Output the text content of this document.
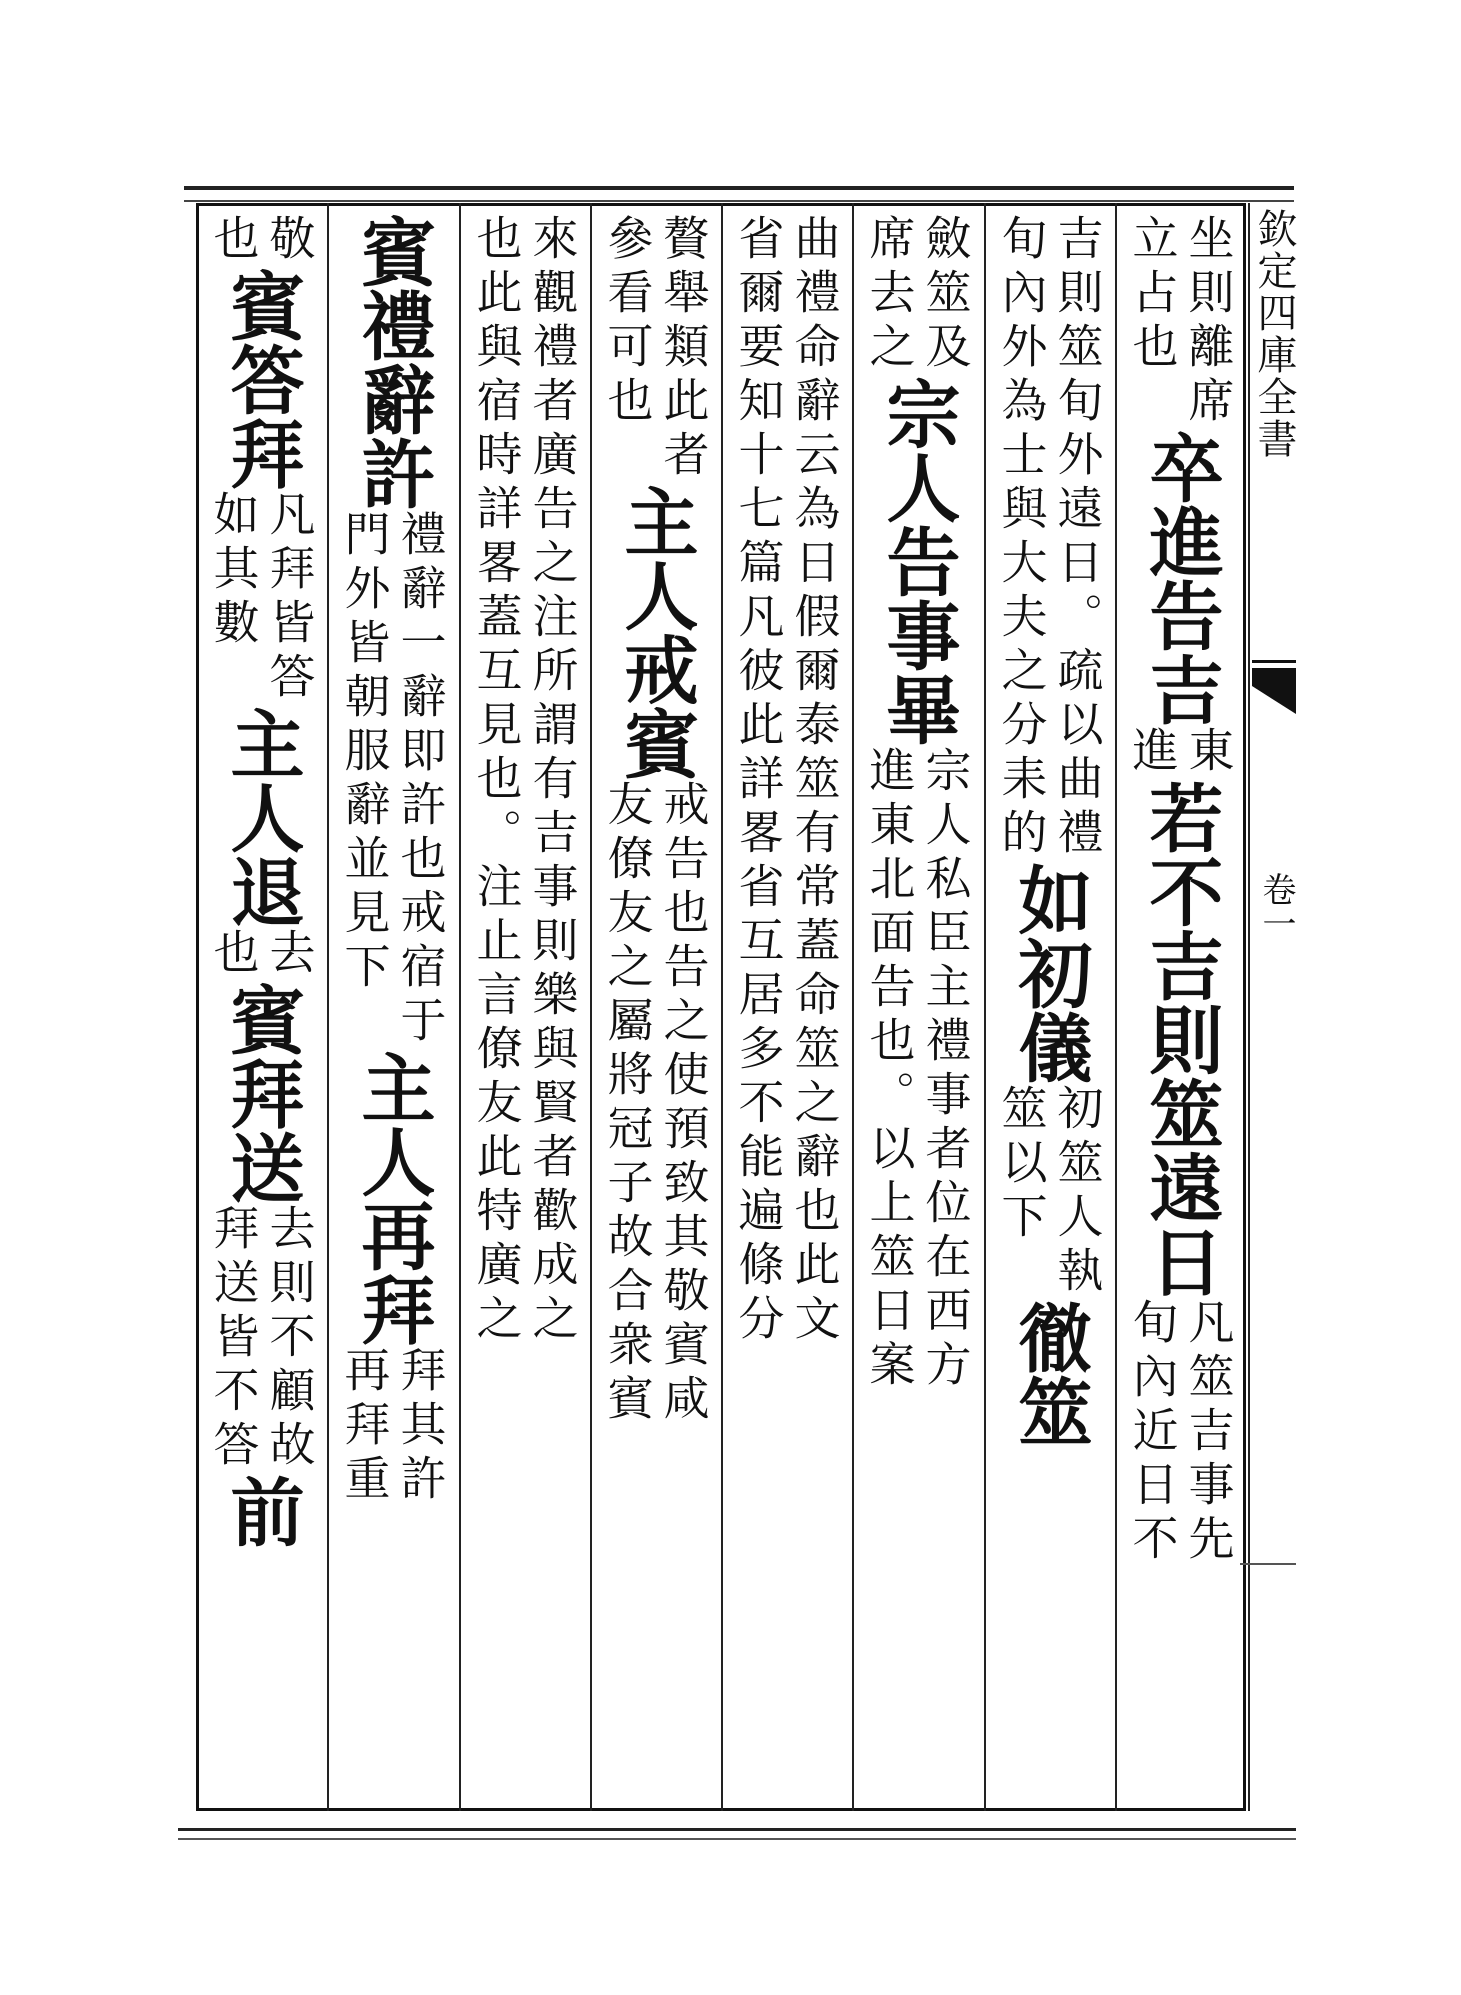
欽定四庫全書
卷一
坐則離席
立占也
卒進告吉
東
進
若不吉則筮遠日
凡筮吉事先
旬內近日不
吉則筮旬外遠日。疏以曲禮
旬內外為士與大夫之分耒的
如初儀
初筮人執
筮以下
徹筮
斂筮及
席去之
宗人告事畢
宗人私臣主禮事者位在西方
進東北面告也。以上筮日案
曲禮命辭云為日假爾泰筮有常蓋命筮之辭也此文
省爾要知十七篇凡彼此詳畧省互居多不能遍條分
贅舉類此者
參看可也
主人戒賓
戒告也告之使預致其敬賓咸
友僚友之屬將冠子故合衆賓
來觀禮者廣告之注所謂有吉事則樂與賢者歡成之
也此與宿時詳畧蓋互見也。注止言僚友此特廣之
賓禮辭許
禮辭一辭即許也戒宿于
門外皆朝服辭並見下
主人再拜
拜其許
再拜重
敬
也
賓答拜
凡拜皆答
如其數
主人退
去
也
賓拜送
去則不顧故
拜送皆不答
前
